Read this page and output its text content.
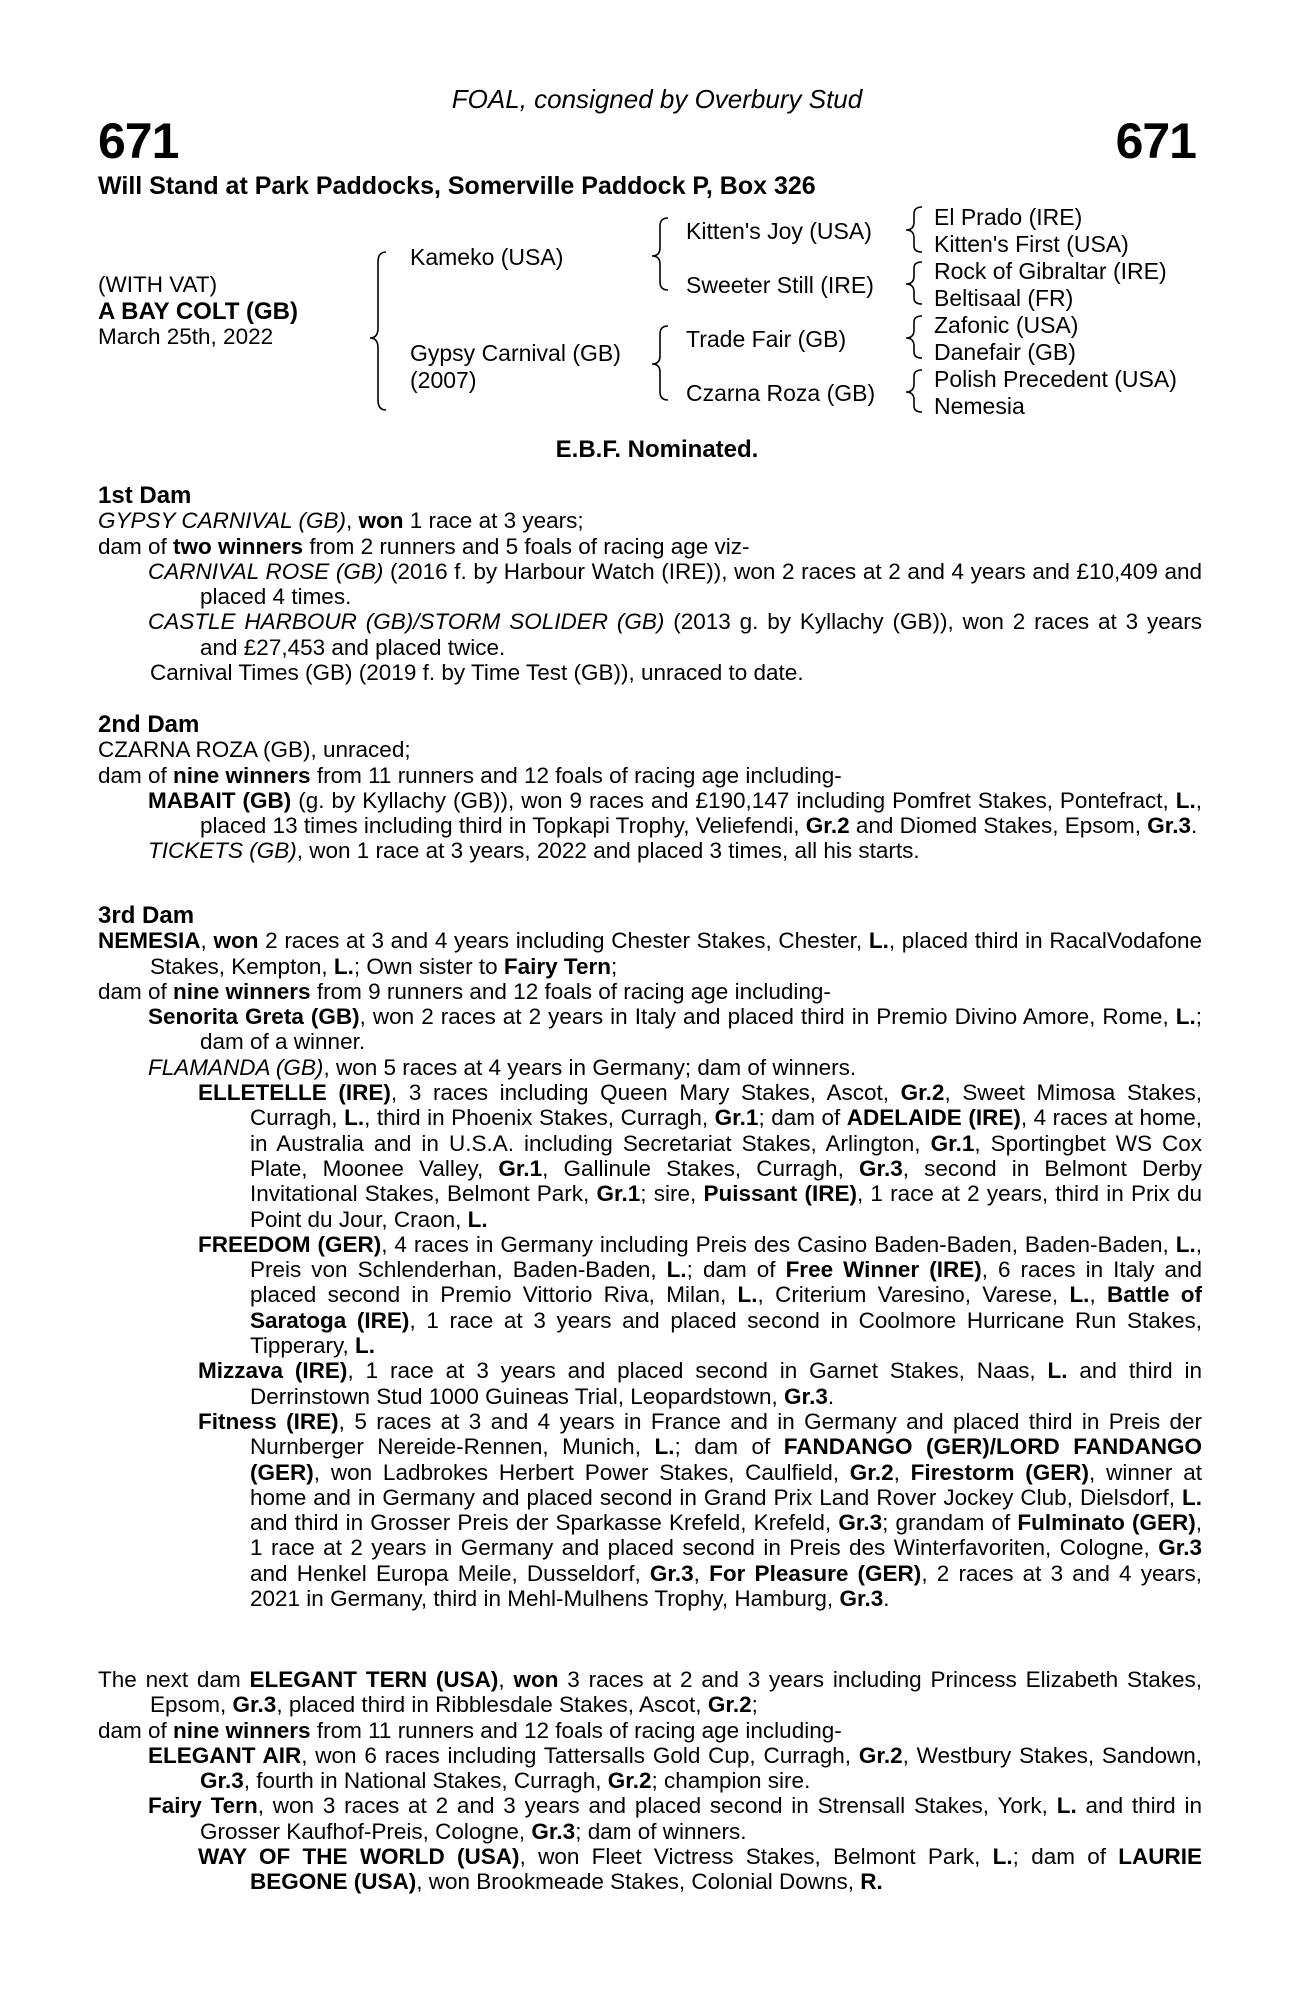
FOAL, consigned by Overbury Stud
671	671
Will Stand at Park Paddocks, Somerville Paddock P, Box 326
(WITH VAT)
A BAY COLT (GB)
March 25th, 2022
Kameko (USA)
Gypsy Carnival (GB)
(2007)
Kitten's Joy (USA)
Sweeter Still (IRE)
Trade Fair (GB)
Czarna Roza (GB)
El Prado (IRE)
Kitten's First (USA)
Rock of Gibraltar (IRE)
Beltisaal (FR)
Zafonic (USA)
Danefair (GB)
Polish Precedent (USA)
Nemesia
E.B.F. Nominated.

1st Dam

GYPSY CARNIVAL (GB), won 1 race at 3 years;

dam of two winners from 2 runners and 5 foals of racing age viz-

CARNIVAL ROSE (GB) (2016 f. by Harbour Watch (IRE)), won 2 races at 2 and 4 years and £10,409 and placed 4 times.

CASTLE HARBOUR (GB)/STORM SOLIDER (GB) (2013 g. by Kyllachy (GB)), won 2 races at 3 years and £27,453 and placed twice.

Carnival Times (GB) (2019 f. by Time Test (GB)), unraced to date.

2nd Dam

CZARNA ROZA (GB), unraced;

dam of nine winners from 11 runners and 12 foals of racing age including-

MABAIT (GB) (g. by Kyllachy (GB)), won 9 races and £190,147 including Pomfret Stakes, Pontefract, L., placed 13 times including third in Topkapi Trophy, Veliefendi, Gr.2 and Diomed Stakes, Epsom, Gr.3.

TICKETS (GB), won 1 race at 3 years, 2022 and placed 3 times, all his starts.

3rd Dam

NEMESIA, won 2 races at 3 and 4 years including Chester Stakes, Chester, L., placed third in RacalVodafone Stakes, Kempton, L.; Own sister to Fairy Tern;

dam of nine winners from 9 runners and 12 foals of racing age including-

Senorita Greta (GB), won 2 races at 2 years in Italy and placed third in Premio Divino Amore, Rome, L.; dam of a winner.

FLAMANDA (GB), won 5 races at 4 years in Germany; dam of winners.

ELLETELLE (IRE), 3 races including Queen Mary Stakes, Ascot, Gr.2, Sweet Mimosa Stakes, Curragh, L., third in Phoenix Stakes, Curragh, Gr.1; dam of ADELAIDE (IRE), 4 races at home, in Australia and in U.S.A. including Secretariat Stakes, Arlington, Gr.1, Sportingbet WS Cox Plate, Moonee Valley, Gr.1, Gallinule Stakes, Curragh, Gr.3, second in Belmont Derby Invitational Stakes, Belmont Park, Gr.1; sire, Puissant (IRE), 1 race at 2 years, third in Prix du Point du Jour, Craon, L.

FREEDOM (GER), 4 races in Germany including Preis des Casino Baden-Baden, Baden-Baden, L., Preis von Schlenderhan, Baden-Baden, L.; dam of Free Winner (IRE), 6 races in Italy and placed second in Premio Vittorio Riva, Milan, L., Criterium Varesino, Varese, L., Battle of Saratoga (IRE), 1 race at 3 years and placed second in Coolmore Hurricane Run Stakes, Tipperary, L.

Mizzava (IRE), 1 race at 3 years and placed second in Garnet Stakes, Naas, L. and third in Derrinstown Stud 1000 Guineas Trial, Leopardstown, Gr.3.

Fitness (IRE), 5 races at 3 and 4 years in France and in Germany and placed third in Preis der Nurnberger Nereide-Rennen, Munich, L.; dam of FANDANGO (GER)/LORD FANDANGO (GER), won Ladbrokes Herbert Power Stakes, Caulfield, Gr.2, Firestorm (GER), winner at home and in Germany and placed second in Grand Prix Land Rover Jockey Club, Dielsdorf, L. and third in Grosser Preis der Sparkasse Krefeld, Krefeld, Gr.3; grandam of Fulminato (GER), 1 race at 2 years in Germany and placed second in Preis des Winterfavoriten, Cologne, Gr.3 and Henkel Europa Meile, Dusseldorf, Gr.3, For Pleasure (GER), 2 races at 3 and 4 years, 2021 in Germany, third in Mehl-Mulhens Trophy, Hamburg, Gr.3.

The next dam ELEGANT TERN (USA), won 3 races at 2 and 3 years including Princess Elizabeth Stakes, Epsom, Gr.3, placed third in Ribblesdale Stakes, Ascot, Gr.2;

dam of nine winners from 11 runners and 12 foals of racing age including-

ELEGANT AIR, won 6 races including Tattersalls Gold Cup, Curragh, Gr.2, Westbury Stakes, Sandown, Gr.3, fourth in National Stakes, Curragh, Gr.2; champion sire.

Fairy Tern, won 3 races at 2 and 3 years and placed second in Strensall Stakes, York, L. and third in Grosser Kaufhof-Preis, Cologne, Gr.3; dam of winners.

WAY OF THE WORLD (USA), won Fleet Victress Stakes, Belmont Park, L.; dam of LAURIE BEGONE (USA), won Brookmeade Stakes, Colonial Downs, R.
